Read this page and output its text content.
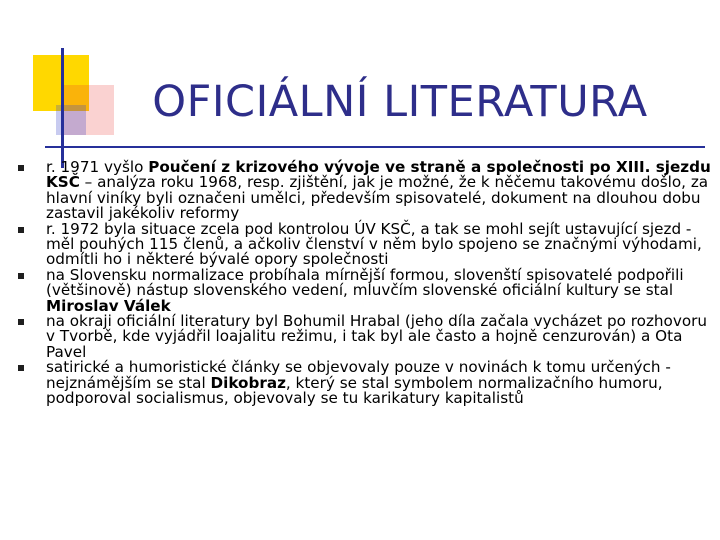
OFICIÁLNÍ LITERATURA
r. 1971 vyšlo Poučení z krizového vývoje ve straně a společnosti po XIII. sjezdu KSČ – analýza roku 1968, resp. zjištění, jak je možné, že k něčemu takovému došlo, za hlavní viníky byli označeni umělci, především spisovatelé, dokument na dlouhou dobu zastavil jakékoliv reformy
r. 1972 byla situace zcela pod kontrolou ÚV KSČ, a tak se mohl sejít ustavující sjezd - měl pouhých 115 členů, a ačkoliv členství v něm bylo spojeno se značnými výhodami, odmítli ho i některé bývalé opory společnosti
na Slovensku normalizace probíhala mírnější formou, slovenští spisovatelé podpořili (většinově) nástup slovenského vedení, mluvčím slovenské oficiální kultury se stal Miroslav Válek
na okraji oficiální literatury byl Bohumil Hrabal (jeho díla začala vycházet po rozhovoru v Tvorbě, kde vyjádřil loajalitu režimu, i tak byl ale často a hojně cenzurován) a Ota Pavel
satirické a humoristické články se objevovaly pouze v novinách k tomu určených - nejznámějším se stal Dikobraz, který se stal symbolem normalizačního humoru, podporoval socialismus, objevovaly se tu karikatury kapitalistů
